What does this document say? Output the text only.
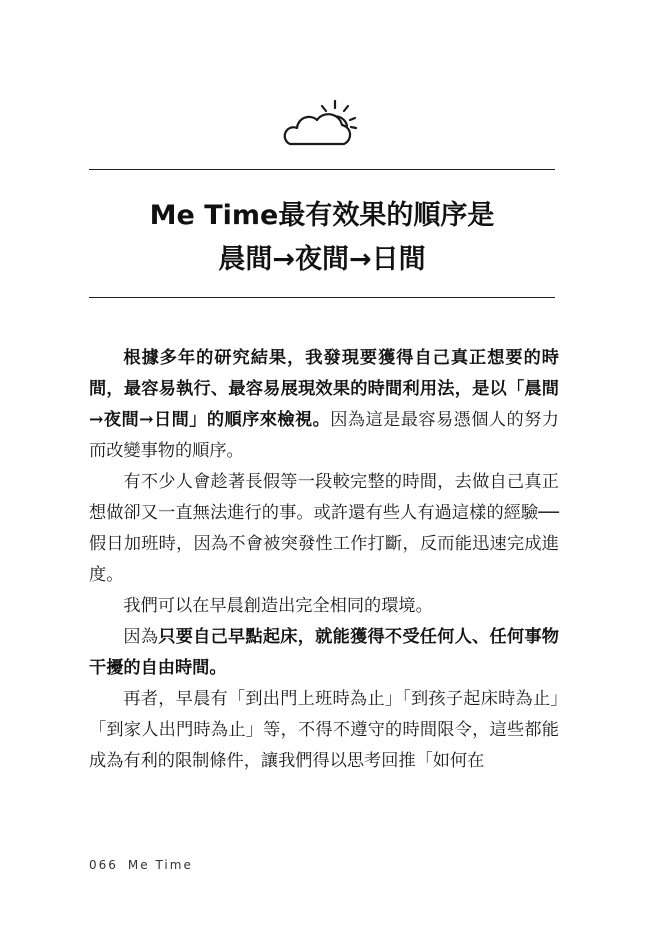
Me Time最有效果的順序是
晨間→夜間→日間

根據多年的研究結果，我發現要獲得自己真正想要的時間，最容易執行、最容易展現效果的時間利用法，是以「晨間→夜間→日間」的順序來檢視。因為這是最容易憑個人的努力而改變事物的順序。

有不少人會趁著長假等一段較完整的時間，去做自己真正想做卻又一直無法進行的事。或許還有些人有過這樣的經驗──假日加班時，因為不會被突發性工作打斷，反而能迅速完成進度。

我們可以在早晨創造出完全相同的環境。

因為只要自己早點起床，就能獲得不受任何人、任何事物干擾的自由時間。

再者，早晨有「到出門上班時為止」「到孩子起床時為止」「到家人出門時為止」等，不得不遵守的時間限令，這些都能成為有利的限制條件，讓我們得以思考回推「如何在

066 Me Time
